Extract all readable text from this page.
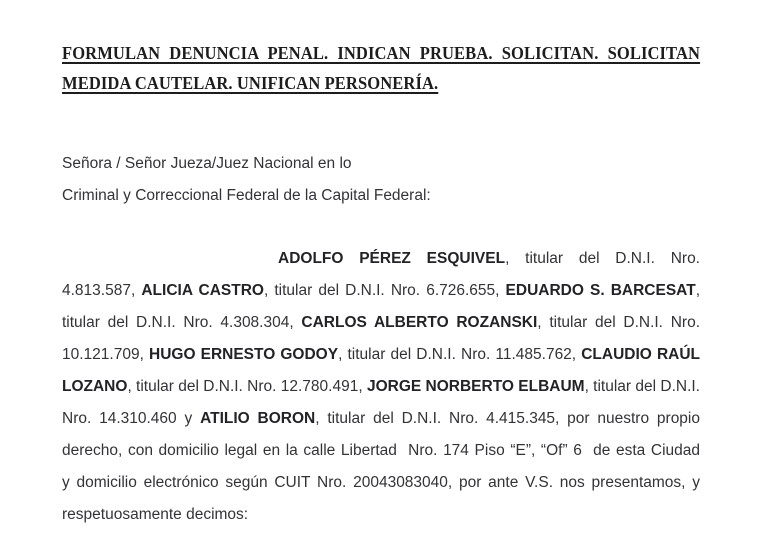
FORMULAN DENUNCIA PENAL. INDICAN PRUEBA. SOLICITAN. SOLICITAN
MEDIDA CAUTELAR. UNIFICAN PERSONERÍA.
Señora / Señor Jueza/Juez Nacional en lo
Criminal y Correccional Federal de la Capital Federal:
ADOLFO PÉREZ ESQUIVEL, titular del D.N.I. Nro.
4.813.587, ALICIA CASTRO, titular del D.N.I. Nro. 6.726.655, EDUARDO S. BARCESAT,
titular del D.N.I. Nro. 4.308.304, CARLOS ALBERTO ROZANSKI, titular del D.N.I. Nro.
10.121.709, HUGO ERNESTO GODOY, titular del D.N.I. Nro. 11.485.762, CLAUDIO RAÚL
LOZANO, titular del D.N.I. Nro. 12.780.491, JORGE NORBERTO ELBAUM, titular del D.N.I.
Nro. 14.310.460 y ATILIO BORON, titular del D.N.I. Nro. 4.415.345, por nuestro propio
derecho, con domicilio legal en la calle Libertad  Nro. 174 Piso “E”, “Of” 6  de esta Ciudad
y domicilio electrónico según CUIT Nro. 20043083040, por ante V.S. nos presentamos, y
respetuosamente decimos:
